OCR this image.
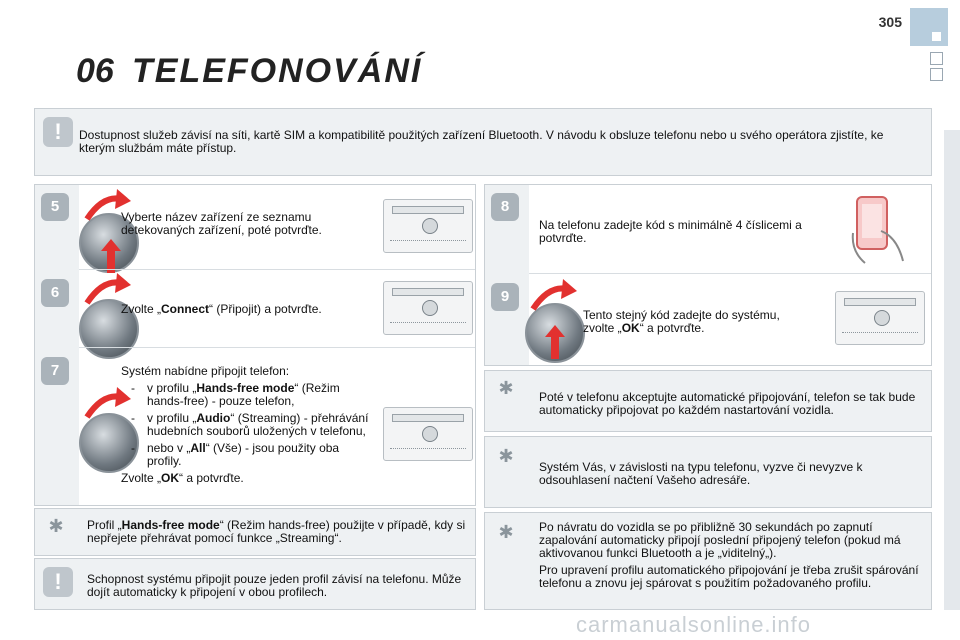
305
06 TELEFONOVÁNÍ
!	Dostupnost služeb závisí na síti, kartě SIM a kompatibilitě použitých zařízení Bluetooth. V návodu k obsluze telefonu nebo u svého operátora zjistíte, ke kterým službám máte přístup.
5
Vyberte název zařízení ze seznamu detekovaných zařízení, poté potvrďte.
6
Zvolte „Connect“ (Připojit) a potvrďte.
7	Systém nabídne připojit telefon:
- v profilu „Hands-free mode“ (Režim hands-free) - pouze telefon,
- v profilu „Audio“ (Streaming) - přehrávání hudebních souborů uložených v telefonu,
- nebo v „All“ (Vše) - jsou použity oba profily.
Zvolte „OK“ a potvrďte.
✱ Profil „Hands-free mode“ (Režim hands-free) použijte v případě, kdy si nepřejete přehrávat pomocí funkce „Streaming“.
!	Schopnost systému připojit pouze jeden profil závisí na telefonu. Může dojít automaticky k připojení v obou profilech.
8
Na telefonu zadejte kód s minimálně 4 číslicemi a potvrďte.
9
Tento stejný kód zadejte do systému, zvolte „OK“ a potvrďte.
✱ Poté v telefonu akceptujte automatické připojování, telefon se tak bude automaticky připojovat po každém nastartování vozidla.
✱
Systém Vás, v závislosti na typu telefonu, vyzve či nevyzve k odsouhlasení načtení Vašeho adresáře.
✱ Po návratu do vozidla se po přibližně 30 sekundách po zapnutí zapalování automaticky připojí poslední připojený telefon (pokud má aktivovanou funkci Bluetooth a je „viditelný„).
Pro upravení profilu automatického připojování je třeba zrušit spárování telefonu a znovu jej spárovat s použitím požadovaného profilu.
carmanualsonline.info
